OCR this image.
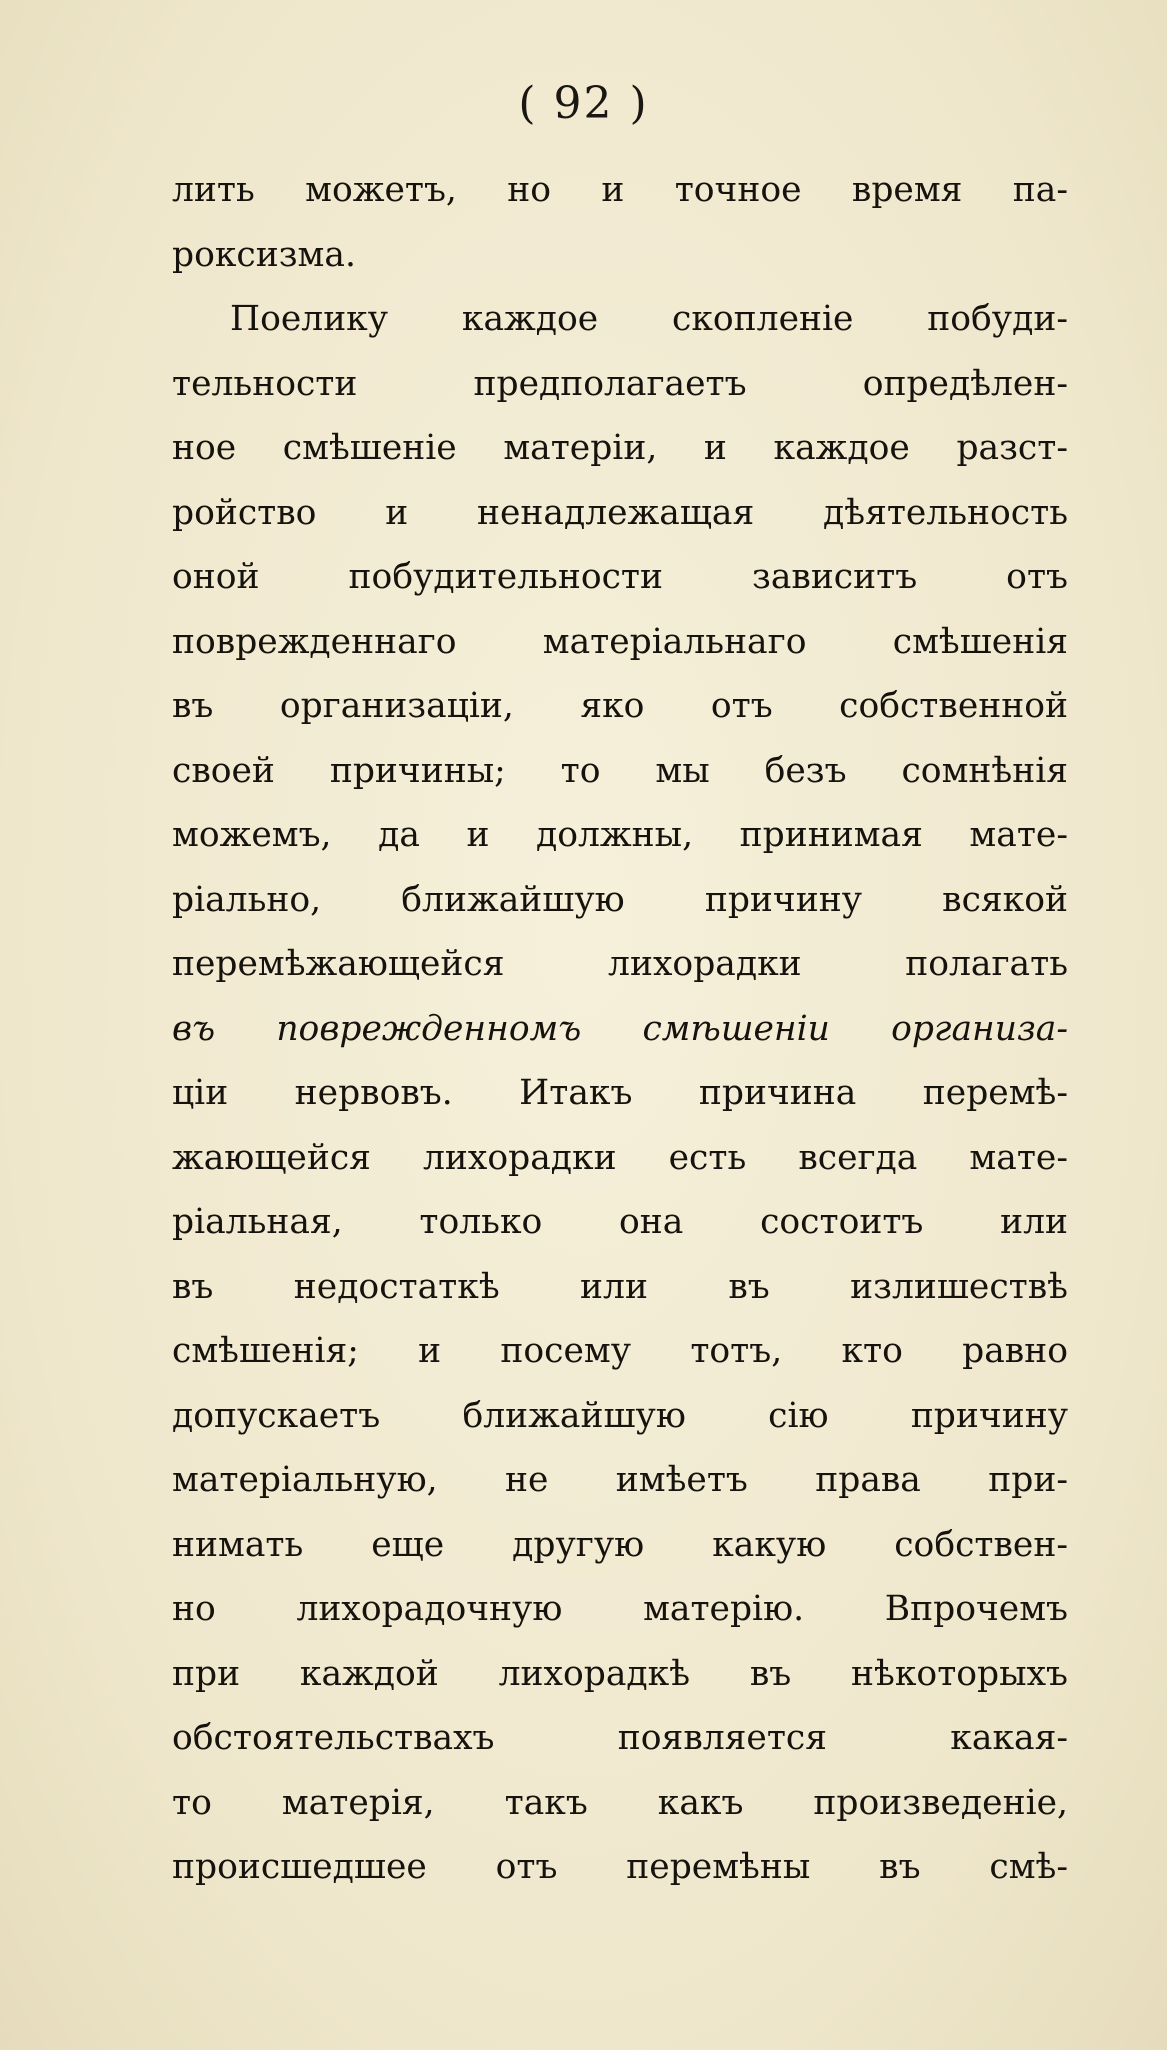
( 92 )
лить можетъ, но и точное время па-
роксизма.
Поелику каждое скопленіе побуди-
тельности предполагаетъ опредѣлен-
ное смѣшеніе матеріи, и каждое разст-
ройство и ненадлежащая дѣятельность
оной побудительности зависитъ отъ
поврежденнаго матеріальнаго смѣшенія
въ организаціи, яко отъ собственной
своей причины; то мы безъ сомнѣнія
можемъ, да и должны, принимая мате-
ріально, ближайшую причину всякой
перемѣжающейся лихорадки полагать
въ поврежденномъ смѣшеніи организа-
ціи нервовъ. Итакъ причина перемѣ-
жающейся лихорадки есть всегда мате-
ріальная, только она состоитъ или
въ недостаткѣ или въ излишествѣ
смѣшенія; и посему тотъ, кто равно
допускаетъ ближайшую сію причину
матеріальную, не имѣетъ права при-
нимать еще другую какую собствен-
но лихорадочную матерію. Впрочемъ
при каждой лихорадкѣ въ нѣкоторыхъ
обстоятельствахъ появляется какая-
то матерія, такъ какъ произведеніе,
происшедшее отъ перемѣны въ смѣ-
